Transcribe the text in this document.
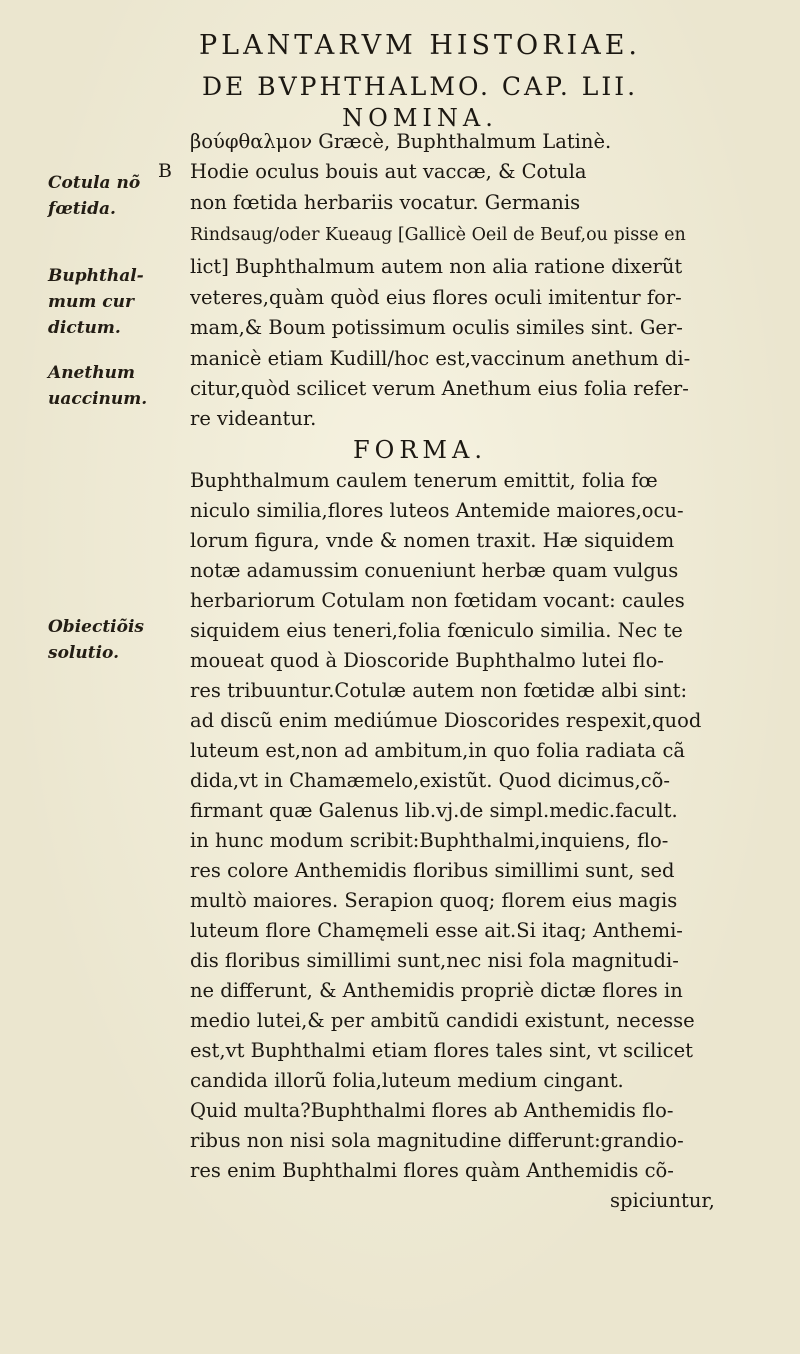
PLANTARVM HISTORIAE.
DE BVPHTHALMO. CAP. LII.
NOMINA.
βούφθαλμον Græcè, Buphthalmum Latinè.
B Hodie oculus bouis aut vaccæ, & Cotula
non fœtida herbariis vocatur. Germanis
Rindsaug/oder Kueaug [Gallicè Oeil de Beuf,ou pisse en
lict] Buphthalmum autem non alia ratione dixerũt
veteres,quàm quòd eius flores oculi imitentur for-
mam,& Boum potissimum oculis similes sint. Ger-
manicè etiam Kudill/hoc est,vaccinum anethum di-
citur,quòd scilicet verum Anethum eius folia refer-
re videantur.
FORMA.
Buphthalmum caulem tenerum emittit, folia fœ
niculo similia,flores luteos Antemide maiores,ocu-
lorum figura, vnde & nomen traxit. Hæ siquidem
notæ adamussim conueniunt herbæ quam vulgus
herbariorum Cotulam non fœtidam vocant: caules
siquidem eius teneri,folia fœniculo similia. Nec te
moueat quod à Dioscoride Buphthalmo lutei flo-
res tribuuntur.Cotulæ autem non fœtidæ albi sint:
ad discũ enim mediúmue Dioscorides respexit,quod
luteum est,non ad ambitum,in quo folia radiata cã
dida,vt in Chamæmelo,existũt. Quod dicimus,cõ-
firmant quæ Galenus lib.vj.de simpl.medic.facult.
in hunc modum scribit:Buphthalmi,inquiens, flo-
res colore Anthemidis floribus simillimi sunt, sed
multò maiores. Serapion quoq; florem eius magis
luteum flore Chamęmeli esse ait.Si itaq; Anthemi-
dis floribus simillimi sunt,nec nisi fola magnitudi-
ne differunt, & Anthemidis propriè dictæ flores in
medio lutei,& per ambitũ candidi existunt, necesse
est,vt Buphthalmi etiam flores tales sint, vt scilicet
candida illorũ folia,luteum medium cingant.
Quid multa?Buphthalmi flores ab Anthemidis flo-
ribus non nisi sola magnitudine differunt:grandio-
res enim Buphthalmi flores quàm Anthemidis cõ-
spiciuntur,
Cotula nõ
fœtida.
Buphthal-
mum cur
dictum.
Anethum
uaccinum.
Obiectiõis
solutio.
